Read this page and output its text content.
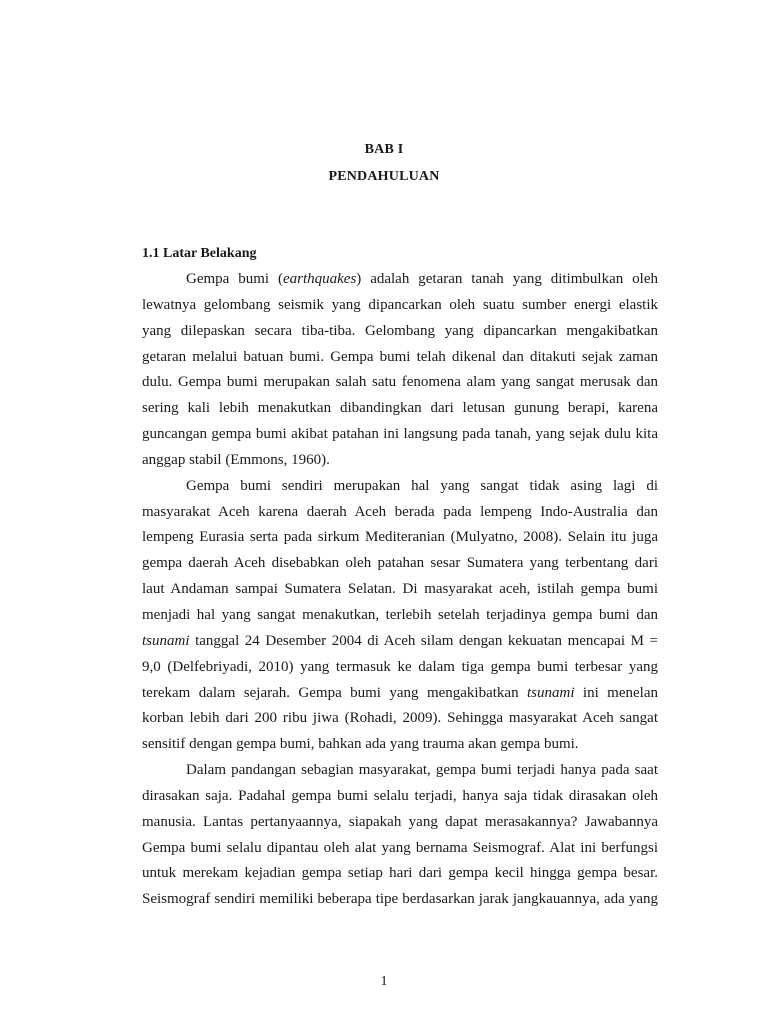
BAB I
PENDAHULUAN

1.1 Latar Belakang

Gempa bumi (earthquakes) adalah getaran tanah yang ditimbulkan oleh
lewatnya gelombang seismik yang dipancarkan oleh suatu sumber energi elastik
yang dilepaskan secara tiba-tiba. Gelombang yang dipancarkan mengakibatkan
getaran melalui batuan bumi. Gempa bumi telah dikenal dan ditakuti sejak zaman
dulu. Gempa bumi merupakan salah satu fenomena alam yang sangat merusak dan
sering kali lebih menakutkan dibandingkan dari letusan gunung berapi, karena
guncangan gempa bumi akibat patahan ini langsung pada tanah, yang sejak dulu kita
anggap stabil (Emmons, 1960).
Gempa bumi sendiri merupakan hal yang sangat tidak asing lagi di
masyarakat Aceh karena daerah Aceh berada pada lempeng Indo-Australia dan
lempeng Eurasia serta pada sirkum Mediteranian (Mulyatno, 2008). Selain itu juga
gempa daerah Aceh disebabkan oleh patahan sesar Sumatera yang terbentang dari
laut Andaman sampai Sumatera Selatan. Di masyarakat aceh, istilah gempa bumi
menjadi hal yang sangat menakutkan, terlebih setelah terjadinya gempa bumi dan
tsunami tanggal 24 Desember 2004 di Aceh silam dengan kekuatan mencapai M =
9,0 (Delfebriyadi, 2010) yang termasuk ke dalam tiga gempa bumi terbesar yang
terekam dalam sejarah. Gempa bumi yang mengakibatkan tsunami ini menelan
korban lebih dari 200 ribu jiwa (Rohadi, 2009). Sehingga masyarakat Aceh sangat
sensitif dengan gempa bumi, bahkan ada yang trauma akan gempa bumi.
Dalam pandangan sebagian masyarakat, gempa bumi terjadi hanya pada saat
dirasakan saja. Padahal gempa bumi selalu terjadi, hanya saja tidak dirasakan oleh
manusia. Lantas pertanyaannya, siapakah yang dapat merasakannya? Jawabannya
Gempa bumi selalu dipantau oleh alat yang bernama Seismograf. Alat ini berfungsi
untuk merekam kejadian gempa setiap hari dari gempa kecil hingga gempa besar.
Seismograf sendiri memiliki beberapa tipe berdasarkan jarak jangkauannya, ada yang
1
